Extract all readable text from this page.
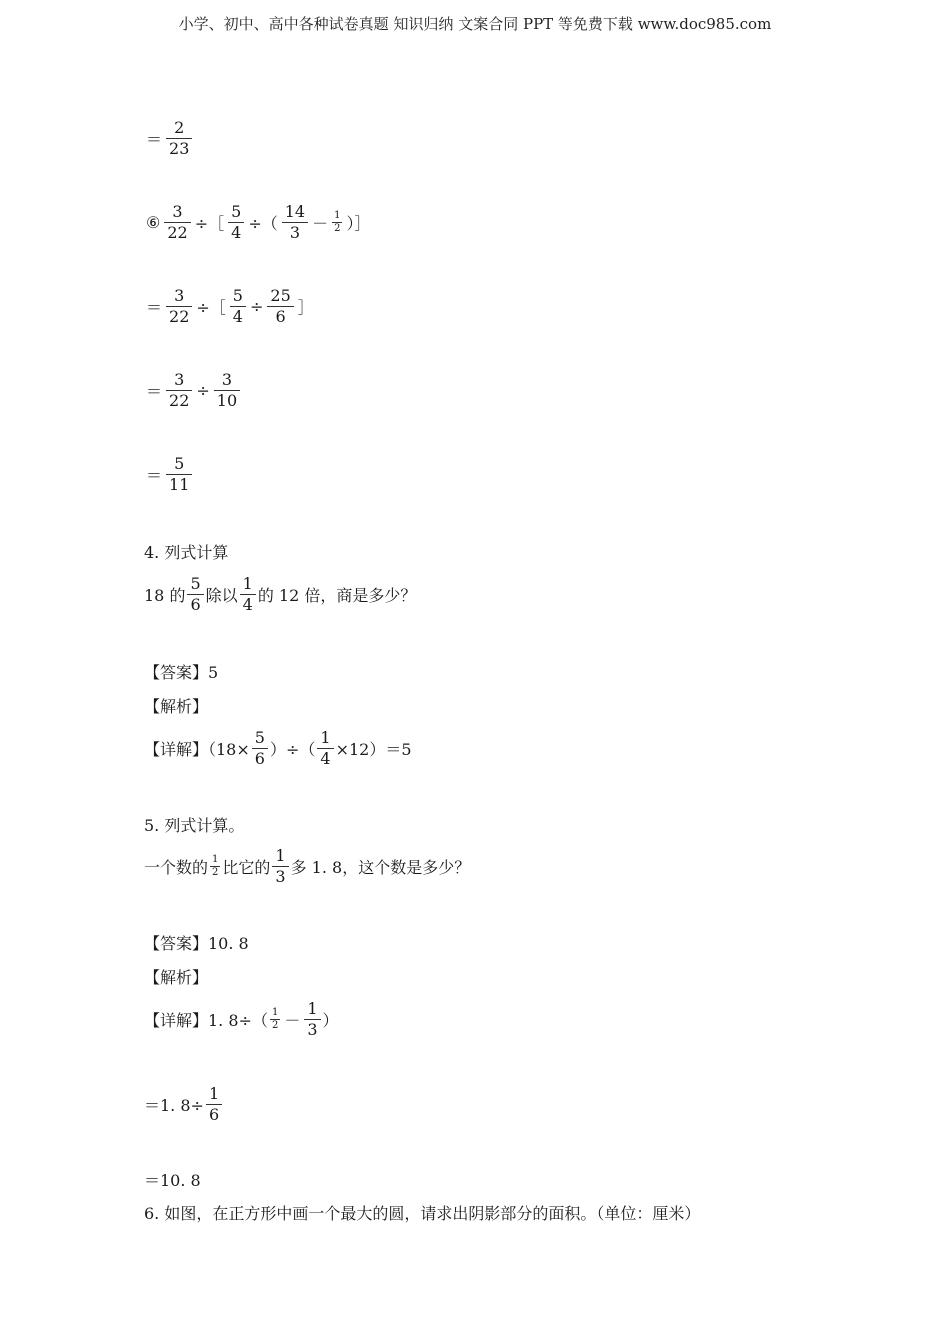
小学、初中、高中各种试卷真题 知识归纳 文案合同 PPT 等免费下载 www.doc985.com
＝ $\frac{2}{23}$
⑥ $\frac{3}{22}$ ÷［ $\frac{5}{4}$ ÷（ $\frac{14}{3} - \frac{1}{2}$ ）］
＝ $\frac{3}{22}$ ÷［ $\frac{5}{4} \div \frac{25}{6}$ ］
＝ $\frac{3}{22} \div \frac{3}{10}$
＝ $\frac{5}{11}$
4. 列式计算
18 的 $\frac{5}{6}$ 除以 $\frac{1}{4}$ 的 12 倍，商是多少？
【答案】5
【解析】
【详解】（$18\times \frac{5}{6}$ ）÷（ $\frac{1}{4} \times 12)=5$
5. 列式计算。
一个数的 $\frac{1}{2}$ 比它的 $\frac{1}{3}$ 多 1. 8，这个数是多少？
【答案】10. 8
【解析】
【详解】1. $8\div( \frac{1}{2} - \frac{1}{3}$ ）
＝1. $8\div \frac{1}{6}$
＝10. 8
6. 如图，在正方形中画一个最大的圆，请求出阴影部分的面积。（单位：厘米）
